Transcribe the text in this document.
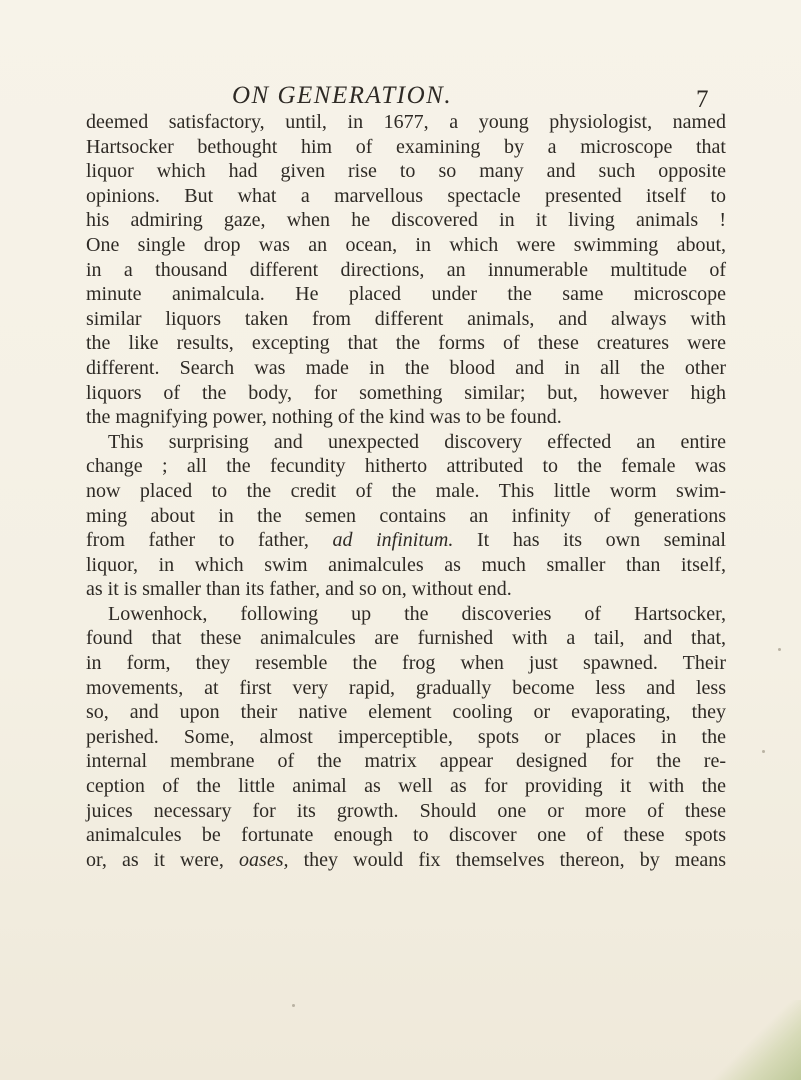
ON GENERATION.	7
deemed satisfactory, until, in 1677, a young physiologist, named
Hartsocker bethought him of examining by a microscope that
liquor which had given rise to so many and such opposite
opinions. But what a marvellous spectacle presented itself to
his admiring gaze, when he discovered in it living animals !
One single drop was an ocean, in which were swimming about,
in a thousand different directions, an innumerable multitude of
minute animalcula. He placed under the same microscope
similar liquors taken from different animals, and always with
the like results, excepting that the forms of these creatures were
different. Search was made in the blood and in all the other
liquors of the body, for something similar; but, however high
the magnifying power, nothing of the kind was to be found.
This surprising and unexpected discovery effected an entire
change ; all the fecundity hitherto attributed to the female was
now placed to the credit of the male. This little worm swim-
ming about in the semen contains an infinity of generations
from father to father, ad infinitum. It has its own seminal
liquor, in which swim animalcules as much smaller than itself,
as it is smaller than its father, and so on, without end.
Lowenhock, following up the discoveries of Hartsocker,
found that these animalcules are furnished with a tail, and that,
in form, they resemble the frog when just spawned. Their
movements, at first very rapid, gradually become less and less
so, and upon their native element cooling or evaporating, they
perished. Some, almost imperceptible, spots or places in the
internal membrane of the matrix appear designed for the re-
ception of the little animal as well as for providing it with the
juices necessary for its growth. Should one or more of these
animalcules be fortunate enough to discover one of these spots
or, as it were, oases, they would fix themselves thereon, by means
